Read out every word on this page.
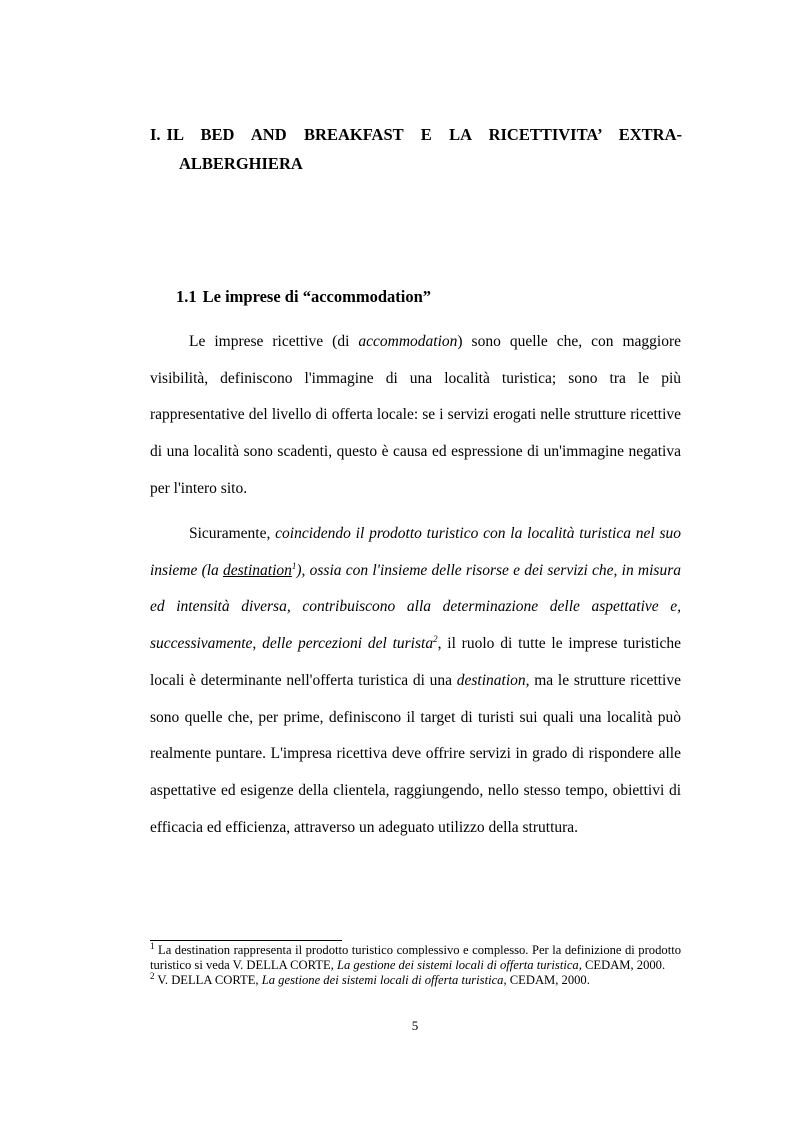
I. IL BED AND BREAKFAST E LA RICETTIVITA’ EXTRA-
ALBERGHIERA
1.1 Le imprese di “accommodation”

Le imprese ricettive (di accommodation) sono quelle che, con maggiore visibilità, definiscono l'immagine di una località turistica; sono tra le più rappresentative del livello di offerta locale: se i servizi erogati nelle strutture ricettive di una località sono scadenti, questo è causa ed espressione di un'immagine negativa per l'intero sito.

Sicuramente, coincidendo il prodotto turistico con la località turistica nel suo insieme (la destination$^1$), ossia con l'insieme delle risorse e dei servizi che, in misura ed intensità diversa, contribuiscono alla determinazione delle aspettative e, successivamente, delle percezioni del turista$^2$, il ruolo di tutte le imprese turistiche locali è determinante nell'offerta turistica di una destination, ma le strutture ricettive sono quelle che, per prime, definiscono il target di turisti sui quali una località può realmente puntare. L'impresa ricettiva deve offrire servizi in grado di rispondere alle aspettative ed esigenze della clientela, raggiungendo, nello stesso tempo, obiettivi di efficacia ed efficienza, attraverso un adeguato utilizzo della struttura.

$^1$ La destination rappresenta il prodotto turistico complessivo e complesso. Per la definizione di prodotto turistico si veda V. DELLA CORTE, La gestione dei sistemi locali di offerta turistica, CEDAM, 2000.

$^2$ V. DELLA CORTE, La gestione dei sistemi locali di offerta turistica, CEDAM, 2000.

5
